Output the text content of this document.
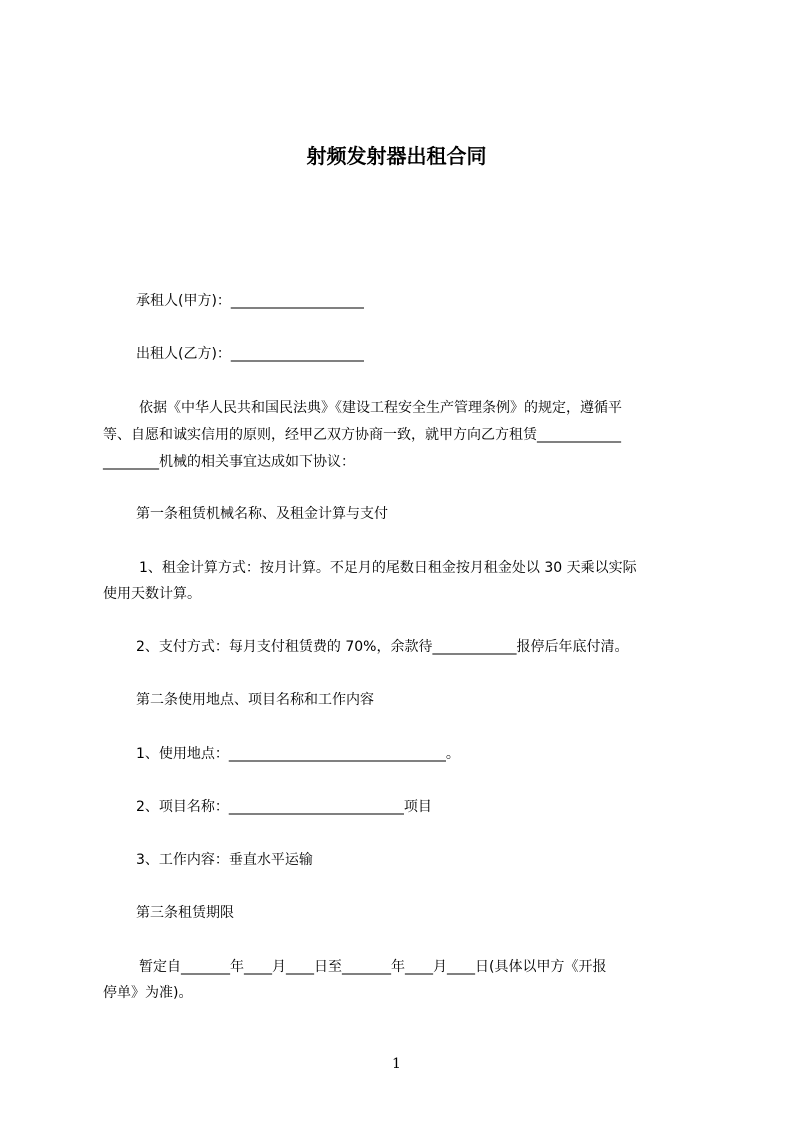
射频发射器出租合同

承租人(甲方)：___________________

出租人(乙方)：___________________

依据《中华人民共和国民法典》《建设工程安全生产管理条例》的规定，遵循平

等、自愿和诚实信用的原则，经甲乙双方协商一致，就甲方向乙方租赁____________

________机械的相关事宜达成如下协议：

第一条租赁机械名称、及租金计算与支付

1、租金计算方式：按月计算。不足月的尾数日租金按月租金处以 30 天乘以实际

使用天数计算。

2、支付方式：每月支付租赁费的 70%，余款待____________报停后年底付清。

第二条使用地点、项目名称和工作内容

1、使用地点：_______________________________。

2、项目名称：_________________________项目

3、工作内容：垂直水平运输

第三条租赁期限

暂定自_______年____月____日至_______年____月____日(具体以甲方《开报

停单》为准)。

1
